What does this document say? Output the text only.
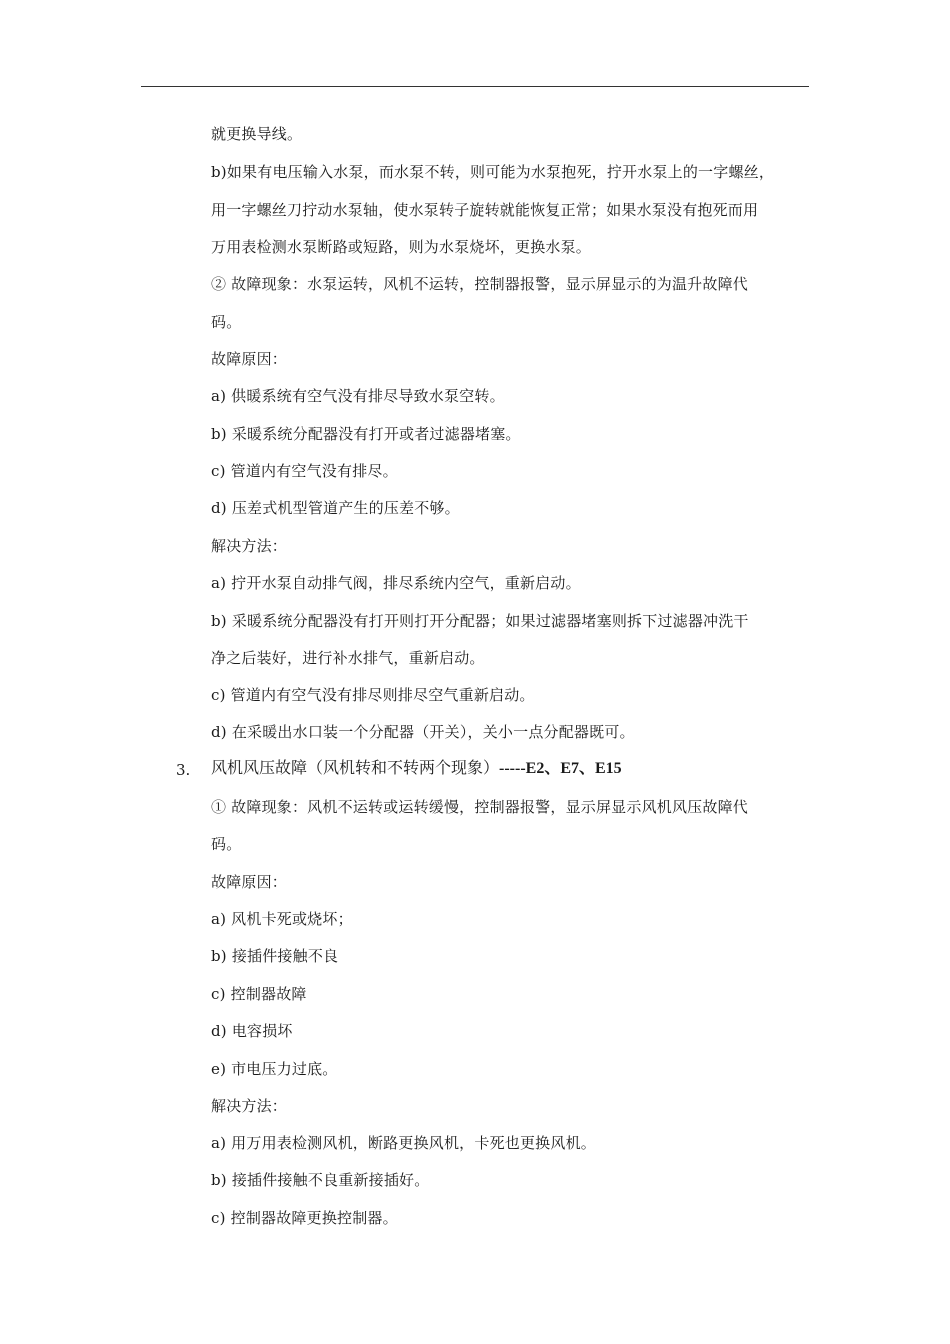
就更换导线。
b)如果有电压输入水泵，而水泵不转，则可能为水泵抱死，拧开水泵上的一字螺丝，
用一字螺丝刀拧动水泵轴，使水泵转子旋转就能恢复正常；如果水泵没有抱死而用
万用表检测水泵断路或短路，则为水泵烧坏，更换水泵。
② 故障现象：水泵运转，风机不运转，控制器报警，显示屏显示的为温升故障代
码。
故障原因：
a) 供暖系统有空气没有排尽导致水泵空转。
b) 采暖系统分配器没有打开或者过滤器堵塞。
c) 管道内有空气没有排尽。
d) 压差式机型管道产生的压差不够。
解决方法：
a) 拧开水泵自动排气阀，排尽系统内空气，重新启动。
b) 采暖系统分配器没有打开则打开分配器；如果过滤器堵塞则拆下过滤器冲洗干
净之后装好，进行补水排气，重新启动。
c) 管道内有空气没有排尽则排尽空气重新启动。
d) 在采暖出水口装一个分配器（开关），关小一点分配器既可。
3. 风机风压故障（风机转和不转两个现象）-----E2、E7、E15
① 故障现象：风机不运转或运转缓慢，控制器报警，显示屏显示风机风压故障代
码。
故障原因：
a) 风机卡死或烧坏；
b) 接插件接触不良
c) 控制器故障
d) 电容损坏
e) 市电压力过底。
解决方法：
a) 用万用表检测风机，断路更换风机，卡死也更换风机。
b) 接插件接触不良重新接插好。
c) 控制器故障更换控制器。
